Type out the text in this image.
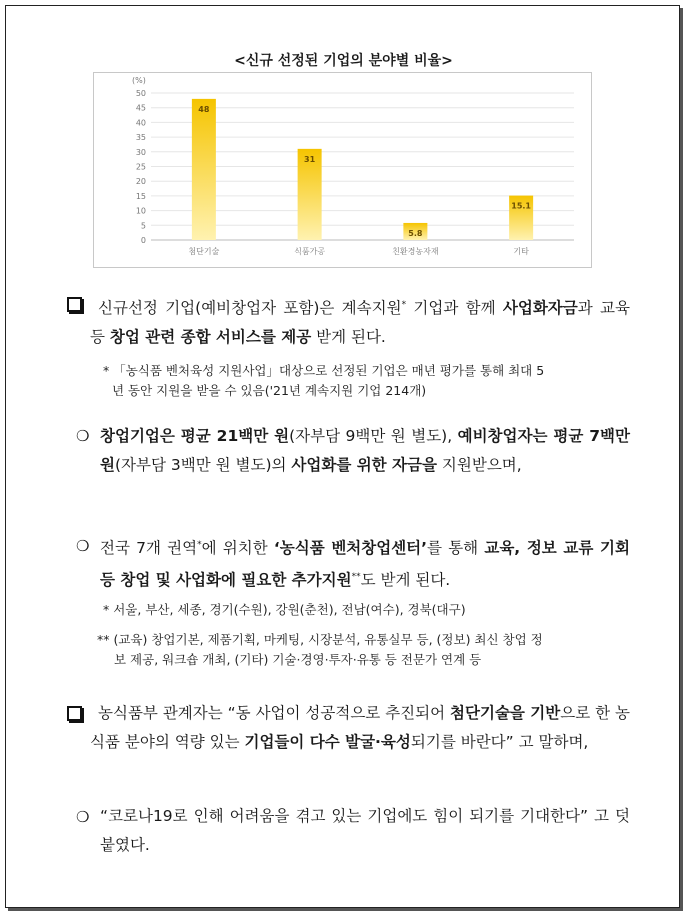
<신규 선정된 기업의 분야별 비율>
(%)
0
5
10
15
20
25
30
35
40
45
50
48
첨단기술
31
식품가공
5.8
친환경농자재
15.1
기타
신규선정 기업(예비창업자 포함)은 계속지원* 기업과 함께 사업화자금과 교육 등 창업 관련 종합 서비스를 제공 받게 된다.
* 「농식품 벤처육성 지원사업」대상으로 선정된 기업은 매년 평가를 통해 최대 5
년 동안 지원을 받을 수 있음('21년 계속지원 기업 214개)
❍ 창업기업은 평균 21백만 원(자부담 9백만 원 별도), 예비창업자는 평균 7백만 원(자부담 3백만 원 별도)의 사업화를 위한 자금을 지원받으며,
❍ 전국 7개 권역*에 위치한 ‘농식품 벤처창업센터’를 통해 교육, 정보 교류 기회 등 창업 및 사업화에 필요한 추가지원**도 받게 된다.
* 서울, 부산, 세종, 경기(수원), 강원(춘천), 전남(여수), 경북(대구)
** (교육) 창업기본, 제품기획, 마케팅, 시장분석, 유통실무 등, (정보) 최신 창업 정
보 제공, 워크숍 개최, (기타) 기술·경영·투자·유통 등 전문가 연계 등
농식품부 관계자는 “동 사업이 성공적으로 추진되어 첨단기술을 기반으로 한 농식품 분야의 역량 있는 기업들이 다수 발굴·육성되기를 바란다” 고 말하며,
❍ “코로나19로 인해 어려움을 겪고 있는 기업에도 힘이 되기를 기대한다” 고 덧붙였다.
